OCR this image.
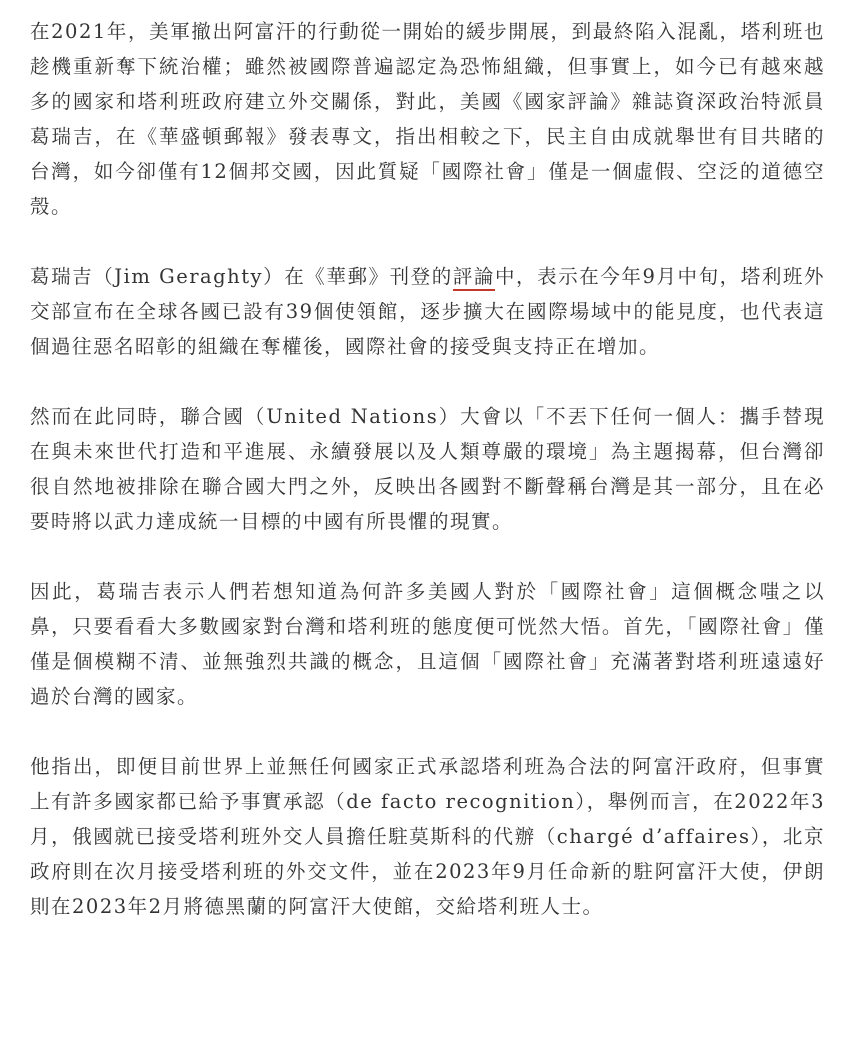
在2021年，美軍撤出阿富汗的行動從一開始的緩步開展，到最終陷入混亂，塔利班也趁機重新奪下統治權；雖然被國際普遍認定為恐怖組織，但事實上，如今已有越來越多的國家和塔利班政府建立外交關係，對此，美國《國家評論》雜誌資深政治特派員葛瑞吉，在《華盛頓郵報》發表專文，指出相較之下，民主自由成就舉世有目共睹的台灣，如今卻僅有12個邦交國，因此質疑「國際社會」僅是一個虛假、空泛的道德空殼。

葛瑞吉（Jim Geraghty）在《華郵》刊登的評論中，表示在今年9月中旬，塔利班外交部宣布在全球各國已設有39個使領館，逐步擴大在國際場域中的能見度，也代表這個過往惡名昭彰的組織在奪權後，國際社會的接受與支持正在增加。

然而在此同時，聯合國（United Nations）大會以「不丟下任何一個人：攜手替現在與未來世代打造和平進展、永續發展以及人類尊嚴的環境」為主題揭幕，但台灣卻很自然地被排除在聯合國大門之外，反映出各國對不斷聲稱台灣是其一部分，且在必要時將以武力達成統一目標的中國有所畏懼的現實。

因此，葛瑞吉表示人們若想知道為何許多美國人對於「國際社會」這個概念嗤之以鼻，只要看看大多數國家對台灣和塔利班的態度便可恍然大悟。首先，「國際社會」僅僅是個模糊不清、並無強烈共識的概念，且這個「國際社會」充滿著對塔利班遠遠好過於台灣的國家。

他指出，即便目前世界上並無任何國家正式承認塔利班為合法的阿富汗政府，但事實上有許多國家都已給予事實承認（de facto recognition），舉例而言，在2022年3月，俄國就已接受塔利班外交人員擔任駐莫斯科的代辦（chargé d’affaires），北京政府則在次月接受塔利班的外交文件，並在2023年9月任命新的駐阿富汗大使，伊朗則在2023年2月將德黑蘭的阿富汗大使館，交給塔利班人士。
